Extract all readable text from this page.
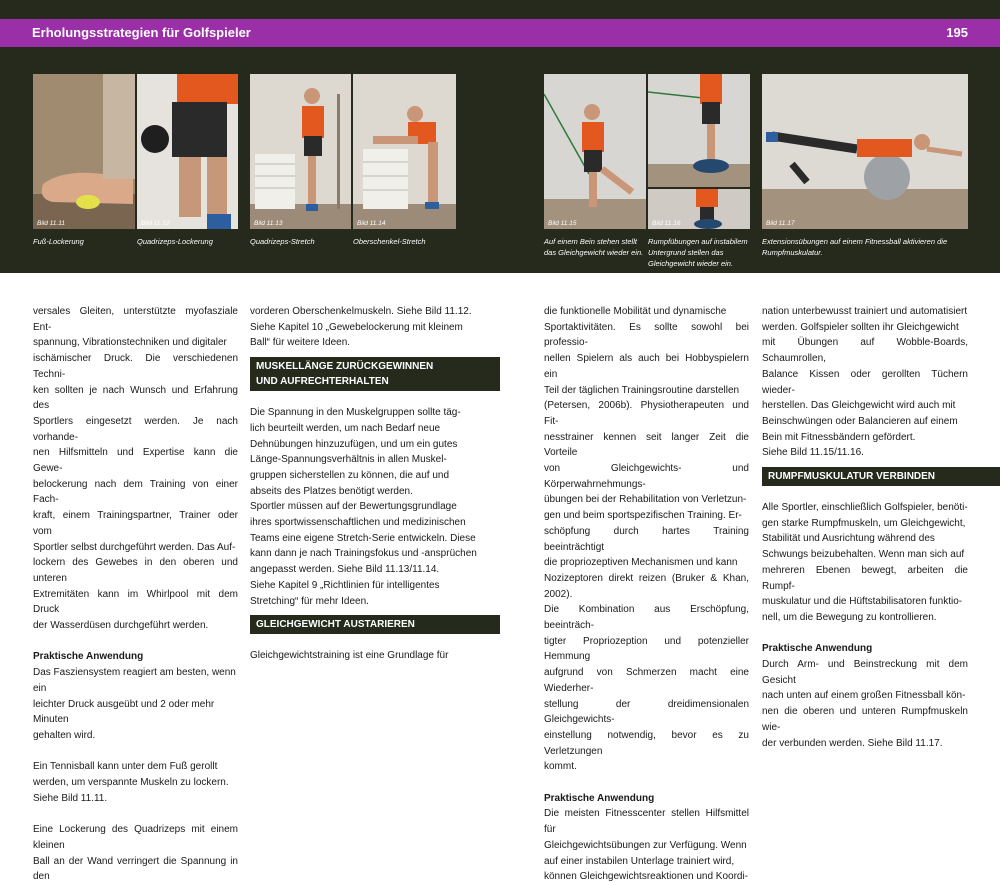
Erholungsstrategien für Golfspieler	195
Bild 11.11	Bild 11.12	Bild 11.13	Bild 11.14	Bild 11.15	Bild 11.16	Bild 11.17
Fuß-Lockerung	Quadrizeps-Lockerung	Quadrizeps-Stretch	Oberschenkel-Stretch	Auf einem Bein stehen stellt
das Gleichgewicht wieder ein.
Rumpfübungen auf instabilem
Untergrund stellen das
Gleichgewicht wieder ein.
Extensionsübungen auf einem Fitnessball aktivieren die
Rumpfmuskulatur.

versales Gleiten, unterstützte myofasziale Ent-
spannung, Vibrationstechniken und digitaler
ischämischer Druck. Die verschiedenen Techni-
ken sollten je nach Wunsch und Erfahrung des
Sportlers eingesetzt werden. Je nach vorhande-
nen Hilfsmitteln und Expertise kann die Gewe-
belockerung nach dem Training von einer Fach-
kraft, einem Trainingspartner, Trainer oder vom
Sportler selbst durchgeführt werden. Das Auf-
lockern des Gewebes in den oberen und unteren
Extremitäten kann im Whirlpool mit dem Druck
der Wasserdüsen durchgeführt werden.

Praktische Anwendung

Das Fasziensystem reagiert am besten, wenn ein
leichter Druck ausgeübt und 2 oder mehr Minuten
gehalten wird.

Ein Tennisball kann unter dem Fuß gerollt
werden, um verspannte Muskeln zu lockern.
Siehe Bild 11.11.

Eine Lockerung des Quadrizeps mit einem kleinen
Ball an der Wand verringert die Spannung in den

vorderen Oberschenkelmuskeln. Siehe Bild 11.12.
Siehe Kapitel 10 „Gewebelockerung mit kleinem
Ball“ für weitere Ideen.

MUSKELLÄNGE ZURÜCKGEWINNEN
UND AUFRECHTERHALTEN

Die Spannung in den Muskelgruppen sollte täg-
lich beurteilt werden, um nach Bedarf neue
Dehnübungen hinzuzufügen, und um ein gutes
Länge-Spannungsverhältnis in allen Muskel-
gruppen sicherstellen zu können, die auf und
abseits des Platzes benötigt werden.
Sportler müssen auf der Bewertungsgrundlage
ihres sportwissenschaftlichen und medizinischen
Teams eine eigene Stretch-Serie entwickeln. Diese
kann dann je nach Trainingsfokus und -ansprüchen
angepasst werden. Siehe Bild 11.13/11.14.
Siehe Kapitel 9 „Richtlinien für intelligentes
Stretching“ für mehr Ideen.

GLEICHGEWICHT AUSTARIEREN

Gleichgewichtstraining ist eine Grundlage für

die funktionelle Mobilität und dynamische
Sportaktivitäten. Es sollte sowohl bei professio-
nellen Spielern als auch bei Hobbyspielern ein
Teil der täglichen Trainingsroutine darstellen
(Petersen, 2006b). Physiotherapeuten und Fit-
nesstrainer kennen seit langer Zeit die Vorteile
von Gleichgewichts- und Körperwahrnehmungs-
übungen bei der Rehabilitation von Verletzun-
gen und beim sportspezifischen Training. Er-
schöpfung durch hartes Training beeinträchtigt
die propriozeptiven Mechanismen und kann
Nozizeptoren direkt reizen (Bruker & Khan, 2002).
Die Kombination aus Erschöpfung, beeinträch-
tigter Propriozeption und potenzieller Hemmung
aufgrund von Schmerzen macht eine Wiederher-
stellung der dreidimensionalen Gleichgewichts-
einstellung notwendig, bevor es zu Verletzungen
kommt.

Praktische Anwendung

Die meisten Fitnesscenter stellen Hilfsmittel für
Gleichgewichtsübungen zur Verfügung. Wenn
auf einer instabilen Unterlage trainiert wird,
können Gleichgewichtsreaktionen und Koordi-

nation unterbewusst trainiert und automatisiert
werden. Golfspieler sollten ihr Gleichgewicht
mit Übungen auf Wobble-Boards, Schaumrollen,
Balance Kissen oder gerollten Tüchern wieder-
herstellen. Das Gleichgewicht wird auch mit
Beinschwüngen oder Balancieren auf einem
Bein mit Fitnessbändern gefördert.
Siehe Bild 11.15/11.16.

RUMPFMUSKULATUR VERBINDEN

Alle Sportler, einschließlich Golfspieler, benöti-
gen starke Rumpfmuskeln, um Gleichgewicht,
Stabilität und Ausrichtung während des
Schwungs beizubehalten. Wenn man sich auf
mehreren Ebenen bewegt, arbeiten die Rumpf-
muskulatur und die Hüftstabilisatoren funktio-
nell, um die Bewegung zu kontrollieren.

Praktische Anwendung

Durch Arm- und Beinstreckung mit dem Gesicht
nach unten auf einem großen Fitnessball kön-
nen die oberen und unteren Rumpfmuskeln wie-
der verbunden werden. Siehe Bild 11.17.
